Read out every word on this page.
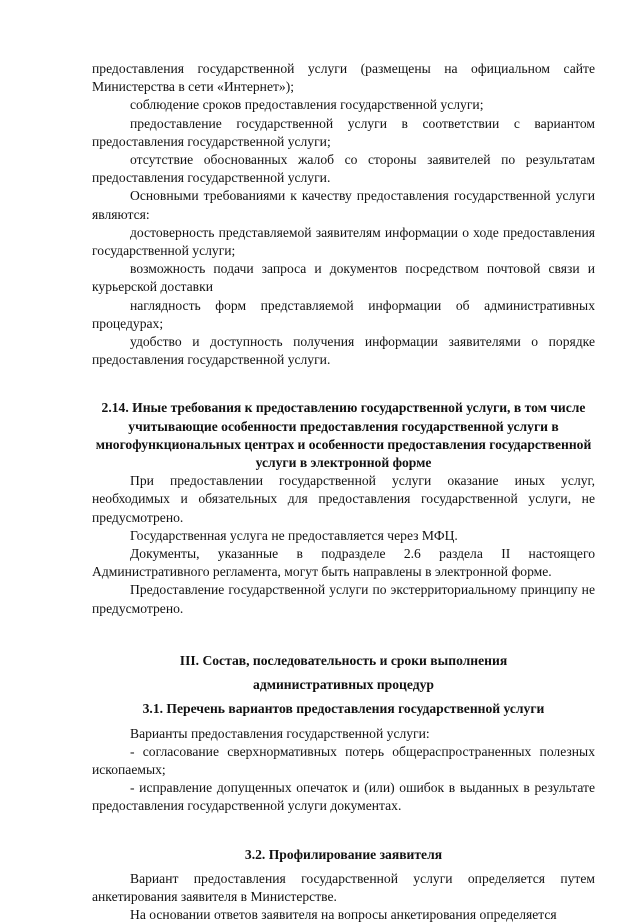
предоставления государственной услуги (размещены на официальном сайте Министерства в сети «Интернет»);

соблюдение сроков предоставления государственной услуги;

предоставление государственной услуги в соответствии с вариантом предоставления государственной услуги;

отсутствие обоснованных жалоб со стороны заявителей по результатам предоставления государственной услуги.

Основными требованиями к качеству предоставления государственной услуги являются:

достоверность представляемой заявителям информации о ходе предоставления государственной услуги;

возможность подачи запроса и документов посредством почтовой связи и курьерской доставки

наглядность форм представляемой информации об административных процедурах;

удобство и доступность получения информации заявителями о порядке предоставления государственной услуги.

2.14. Иные требования к предоставлению государственной услуги, в том числе учитывающие особенности предоставления государственной услуги в многофункциональных центрах и особенности предоставления государственной услуги в электронной форме

При предоставлении государственной услуги оказание иных услуг, необходимых и обязательных для предоставления государственной услуги, не предусмотрено.

Государственная услуга не предоставляется через МФЦ.

Документы, указанные в подразделе 2.6 раздела II настоящего Административного регламента, могут быть направлены в электронной форме.

Предоставление государственной услуги по экстерриториальному принципу не предусмотрено.

III. Состав, последовательность и сроки выполнения

административных процедур

3.1. Перечень вариантов предоставления государственной услуги

Варианты предоставления государственной услуги:

- согласование сверхнормативных потерь общераспространенных полезных ископаемых;

- исправление допущенных опечаток и (или) ошибок в выданных в результате предоставления государственной услуги документах.

3.2. Профилирование заявителя

Вариант предоставления государственной услуги определяется путем анкетирования заявителя в Министерстве.

На основании ответов заявителя на вопросы анкетирования определяется
